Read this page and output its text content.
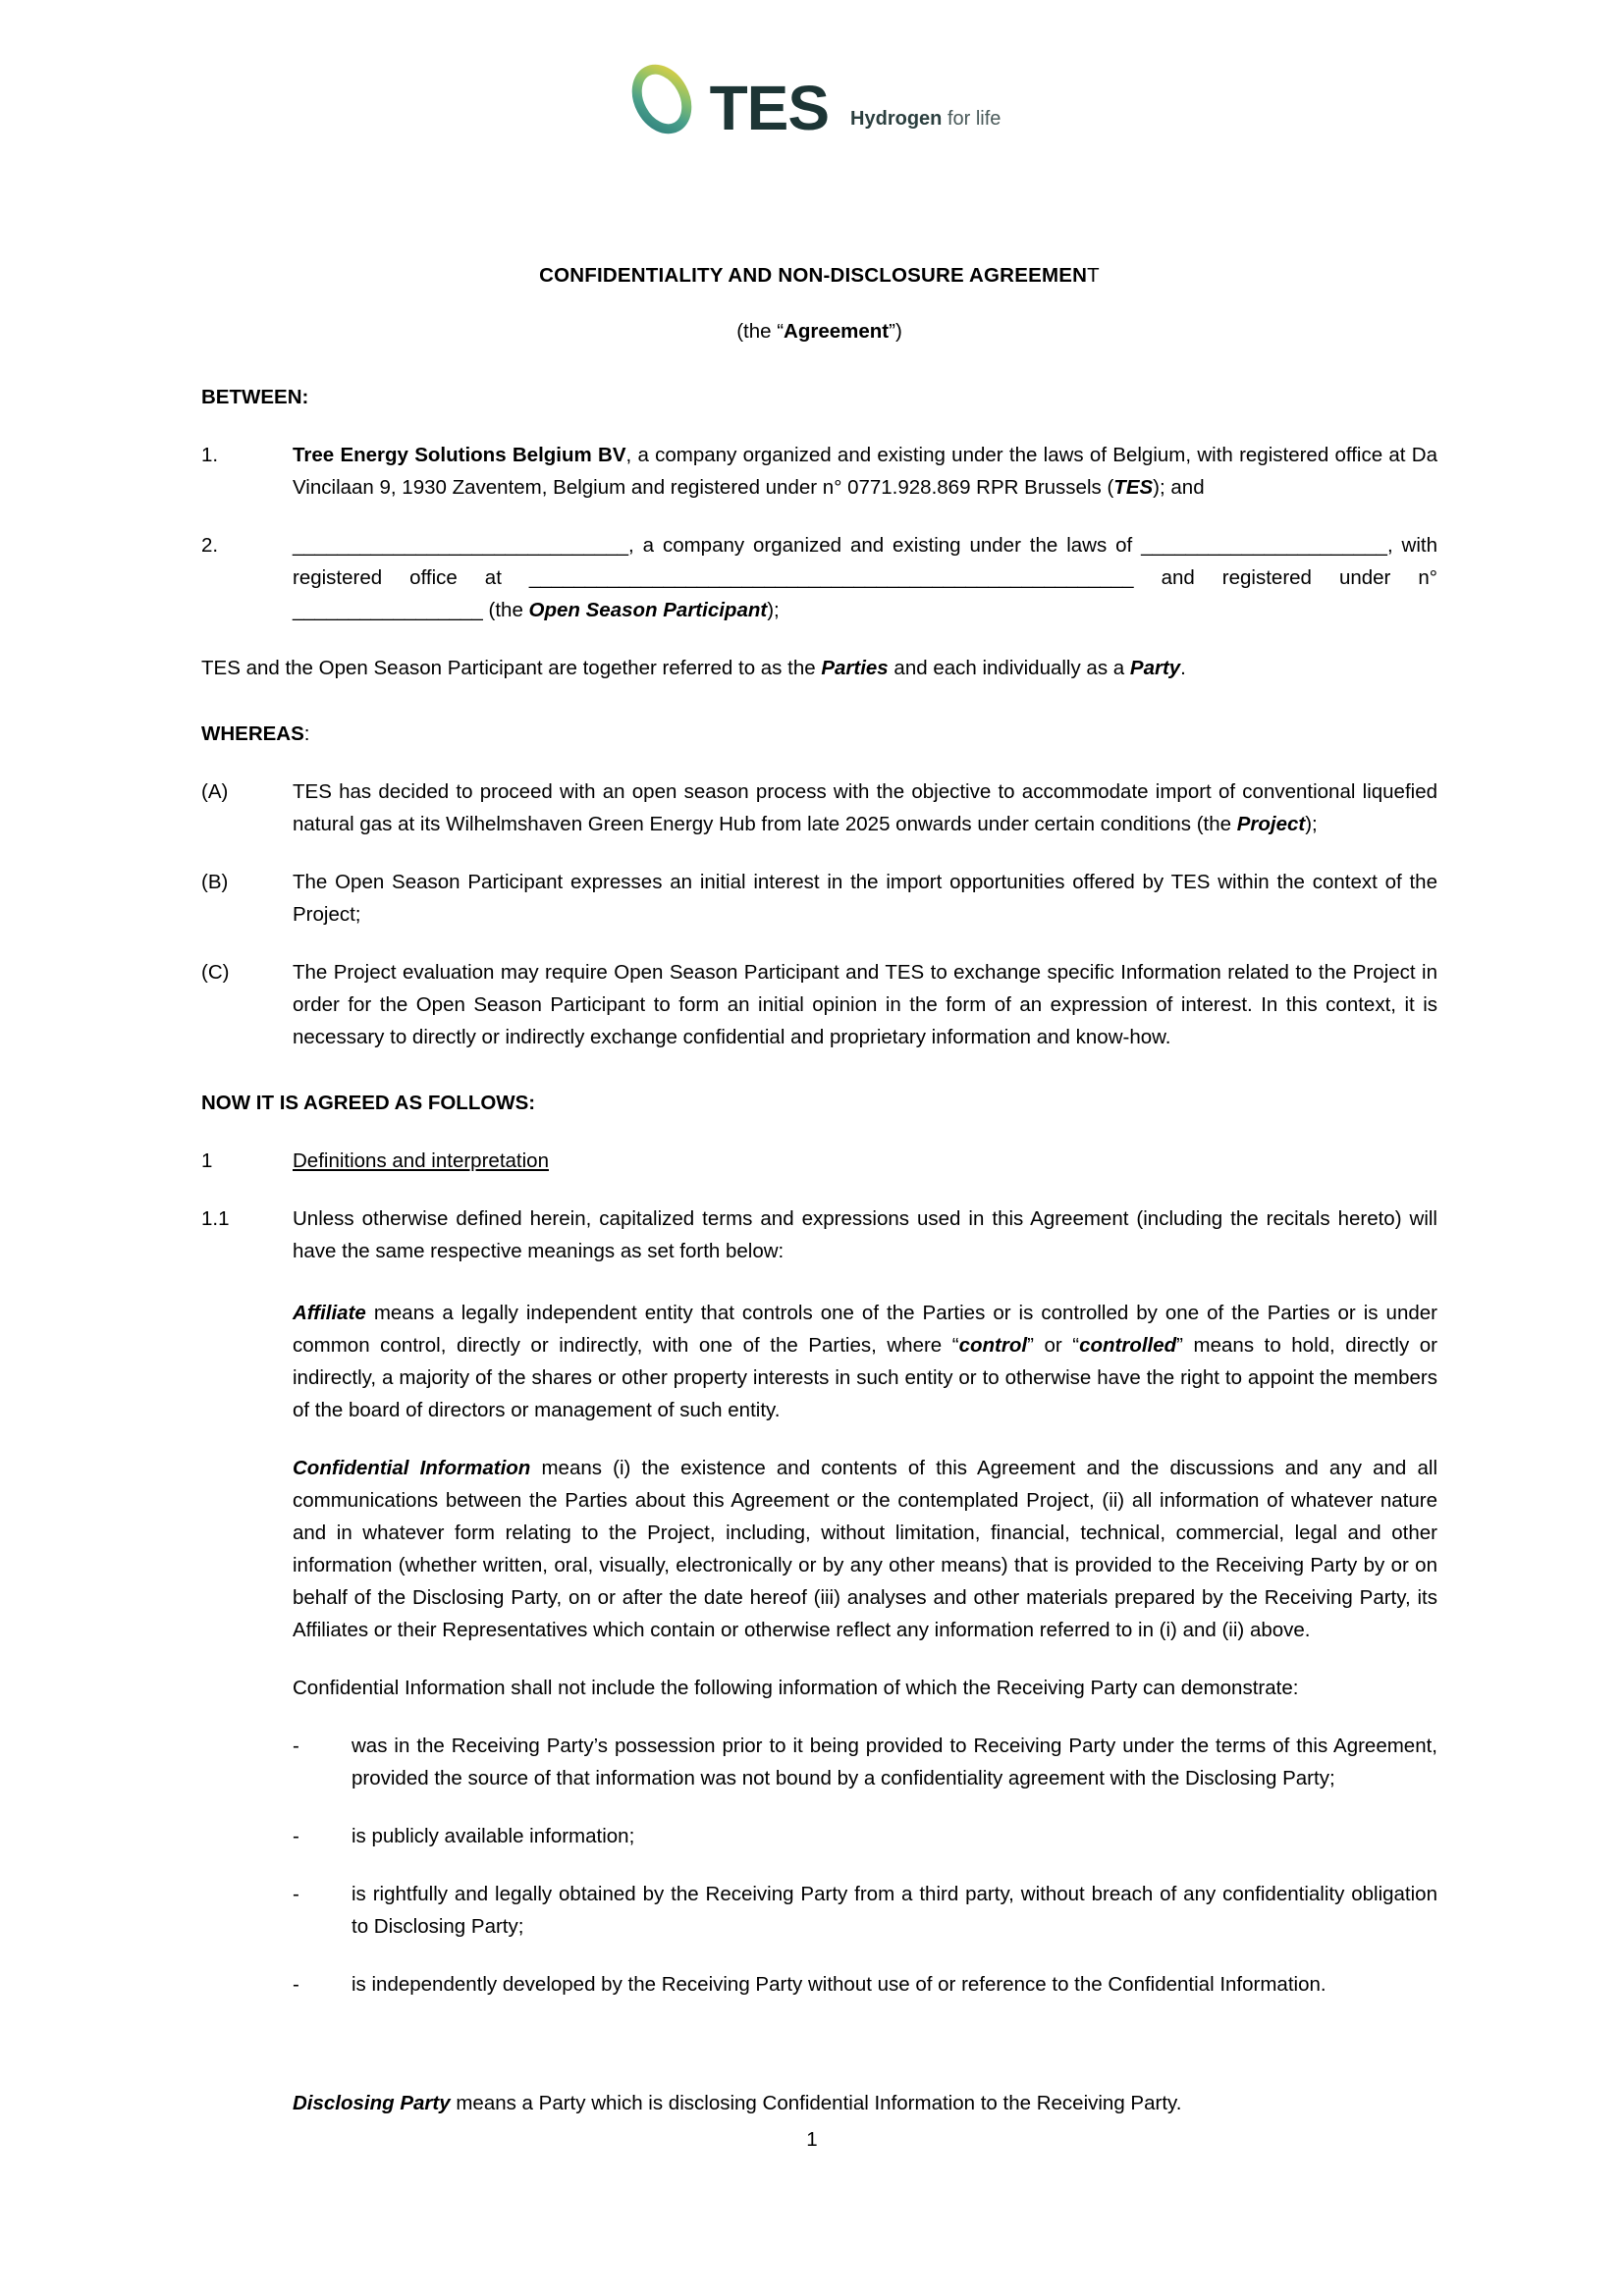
TES Hydrogen for life
CONFIDENTIALITY AND NON-DISCLOSURE AGREEMENT
(the “Agreement”)
BETWEEN:
1.	Tree Energy Solutions Belgium BV, a company organized and existing under the laws of Belgium, with registered office at Da Vincilaan 9, 1930 Zaventem, Belgium and registered under n° 0771.928.869 RPR Brussels (TES); and
2.	______________________________, a company organized and existing under the laws of ______________________, with registered office at ______________________________________________________ and registered under n° _________________ (the Open Season Participant);
TES and the Open Season Participant are together referred to as the Parties and each individually as a Party.
WHEREAS:
(A)	TES has decided to proceed with an open season process with the objective to accommodate import of conventional liquefied natural gas at its Wilhelmshaven Green Energy Hub from late 2025 onwards under certain conditions (the Project);
(B)	The Open Season Participant expresses an initial interest in the import opportunities offered by TES within the context of the Project;
(C)	The Project evaluation may require Open Season Participant and TES to exchange specific Information related to the Project in order for the Open Season Participant to form an initial opinion in the form of an expression of interest. In this context, it is necessary to directly or indirectly exchange confidential and proprietary information and know-how.
NOW IT IS AGREED AS FOLLOWS:
1	Definitions and interpretation
1.1	Unless otherwise defined herein, capitalized terms and expressions used in this Agreement (including the recitals hereto) will have the same respective meanings as set forth below:
Affiliate means a legally independent entity that controls one of the Parties or is controlled by one of the Parties or is under common control, directly or indirectly, with one of the Parties, where “control” or “controlled” means to hold, directly or indirectly, a majority of the shares or other property interests in such entity or to otherwise have the right to appoint the members of the board of directors or management of such entity.
Confidential Information means (i) the existence and contents of this Agreement and the discussions and any and all communications between the Parties about this Agreement or the contemplated Project, (ii) all information of whatever nature and in whatever form relating to the Project, including, without limitation, financial, technical, commercial, legal and other information (whether written, oral, visually, electronically or by any other means) that is provided to the Receiving Party by or on behalf of the Disclosing Party, on or after the date hereof (iii) analyses and other materials prepared by the Receiving Party, its Affiliates or their Representatives which contain or otherwise reflect any information referred to in (i) and (ii) above.
Confidential Information shall not include the following information of which the Receiving Party can demonstrate:
-	was in the Receiving Party’s possession prior to it being provided to Receiving Party under the terms of this Agreement, provided the source of that information was not bound by a confidentiality agreement with the Disclosing Party;
-	is publicly available information;
-	is rightfully and legally obtained by the Receiving Party from a third party, without breach of any confidentiality obligation to Disclosing Party;
-	is independently developed by the Receiving Party without use of or reference to the Confidential Information.
Disclosing Party means a Party which is disclosing Confidential Information to the Receiving Party.
1
